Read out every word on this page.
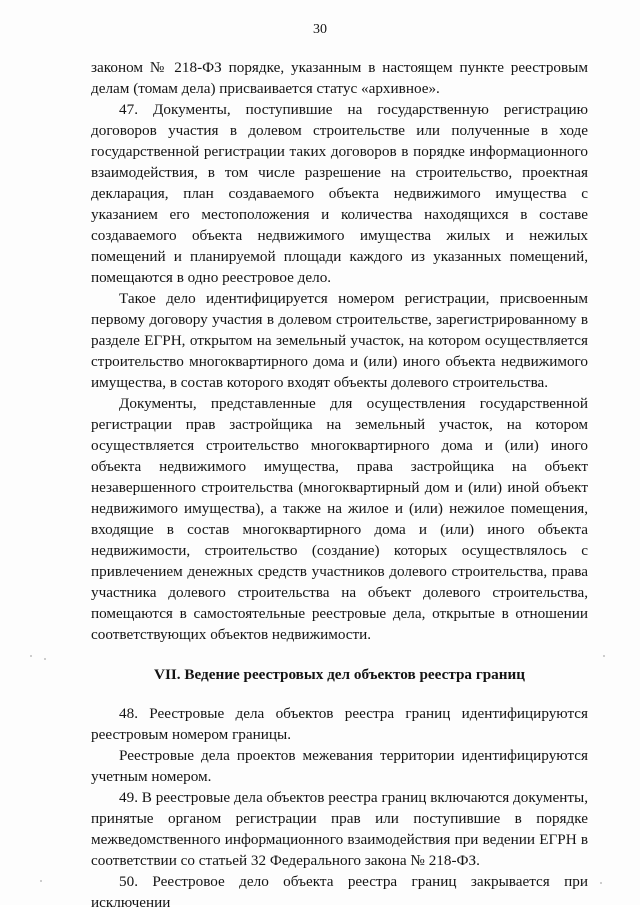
30

законом № 218-ФЗ порядке, указанным в настоящем пункте реестровым делам (томам дела) присваивается статус «архивное».

47. Документы, поступившие на государственную регистрацию договоров участия в долевом строительстве или полученные в ходе государственной регистрации таких договоров в порядке информационного взаимодействия, в том числе разрешение на строительство, проектная декларация, план создаваемого объекта недвижимого имущества с указанием его местоположения и количества находящихся в составе создаваемого объекта недвижимого имущества жилых и нежилых помещений и планируемой площади каждого из указанных помещений, помещаются в одно реестровое дело.

Такое дело идентифицируется номером регистрации, присвоенным первому договору участия в долевом строительстве, зарегистрированному в разделе ЕГРН, открытом на земельный участок, на котором осуществляется строительство многоквартирного дома и (или) иного объекта недвижимого имущества, в состав которого входят объекты долевого строительства.

Документы, представленные для осуществления государственной регистрации прав застройщика на земельный участок, на котором осуществляется строительство многоквартирного дома и (или) иного объекта недвижимого имущества, права застройщика на объект незавершенного строительства (многоквартирный дом и (или) иной объект недвижимого имущества), а также на жилое и (или) нежилое помещения, входящие в состав многоквартирного дома и (или) иного объекта недвижимости, строительство (создание) которых осуществлялось с привлечением денежных средств участников долевого строительства, права участника долевого строительства на объект долевого строительства, помещаются в самостоятельные реестровые дела, открытые в отношении соответствующих объектов недвижимости.

VII. Ведение реестровых дел объектов реестра границ

48. Реестровые дела объектов реестра границ идентифицируются реестровым номером границы.

Реестровые дела проектов межевания территории идентифицируются учетным номером.

49. В реестровые дела объектов реестра границ включаются документы, принятые органом регистрации прав или поступившие в порядке межведомственного информационного взаимодействия при ведении ЕГРН в соответствии со статьей 32 Федерального закона № 218-ФЗ.

50. Реестровое дело объекта реестра границ закрывается при исключении
